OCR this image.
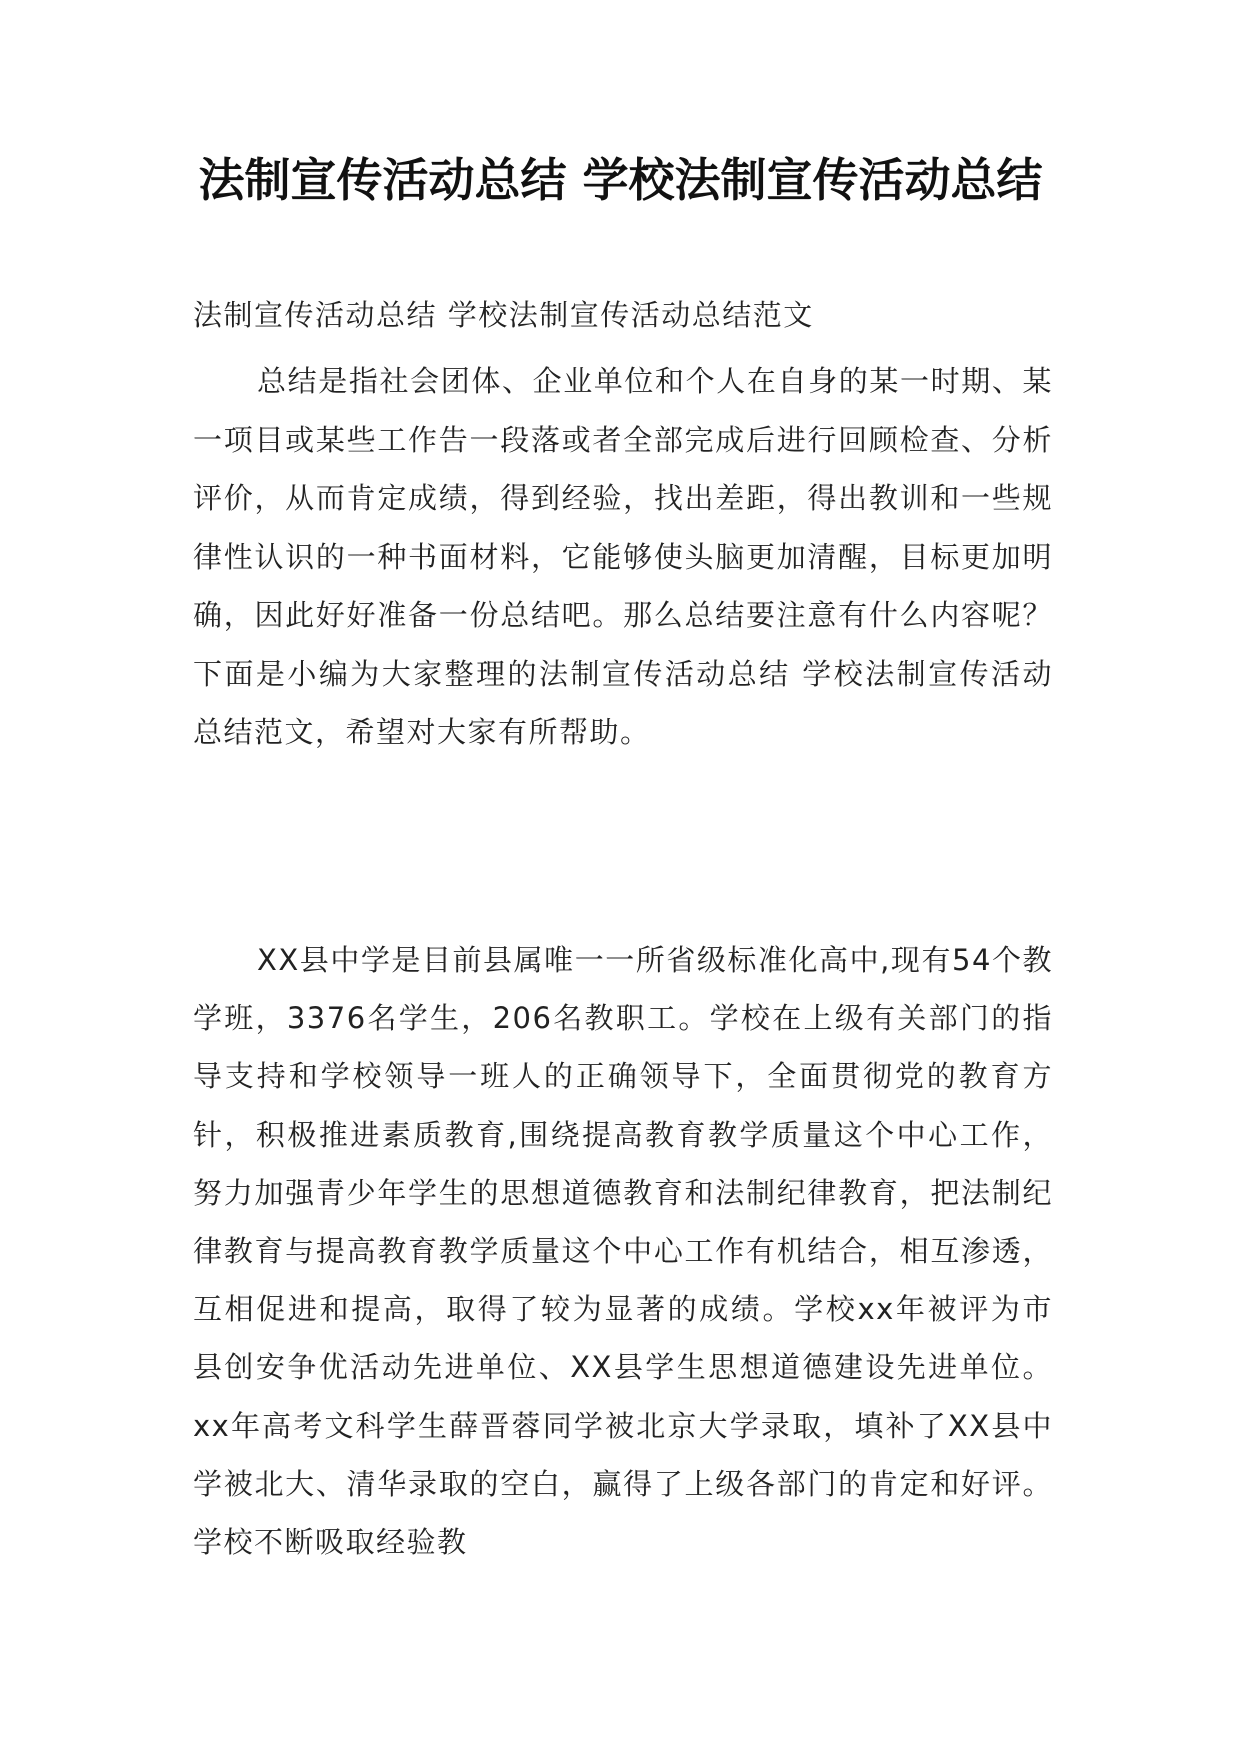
法制宣传活动总结 学校法制宣传活动总结
法制宣传活动总结 学校法制宣传活动总结范文
总结是指社会团体、企业单位和个人在自身的某一时期、某一项目或某些工作告一段落或者全部完成后进行回顾检查、分析评价，从而肯定成绩，得到经验，找出差距，得出教训和一些规律性认识的一种书面材料，它能够使头脑更加清醒，目标更加明确，因此好好准备一份总结吧。那么总结要注意有什么内容呢？下面是小编为大家整理的法制宣传活动总结 学校法制宣传活动总结范文，希望对大家有所帮助。
XX县中学是目前县属唯一一所省级标准化高中,现有54个教学班，3376名学生，206名教职工。学校在上级有关部门的指导支持和学校领导一班人的正确领导下，全面贯彻党的教育方针，积极推进素质教育,围绕提高教育教学质量这个中心工作，努力加强青少年学生的思想道德教育和法制纪律教育，把法制纪律教育与提高教育教学质量这个中心工作有机结合，相互渗透，互相促进和提高，取得了较为显著的成绩。学校xx年被评为市县创安争优活动先进单位、XX县学生思想道德建设先进单位。xx年高考文科学生薛晋蓉同学被北京大学录取，填补了XX县中学被北大、清华录取的空白，赢得了上级各部门的肯定和好评。学校不断吸取经验教
